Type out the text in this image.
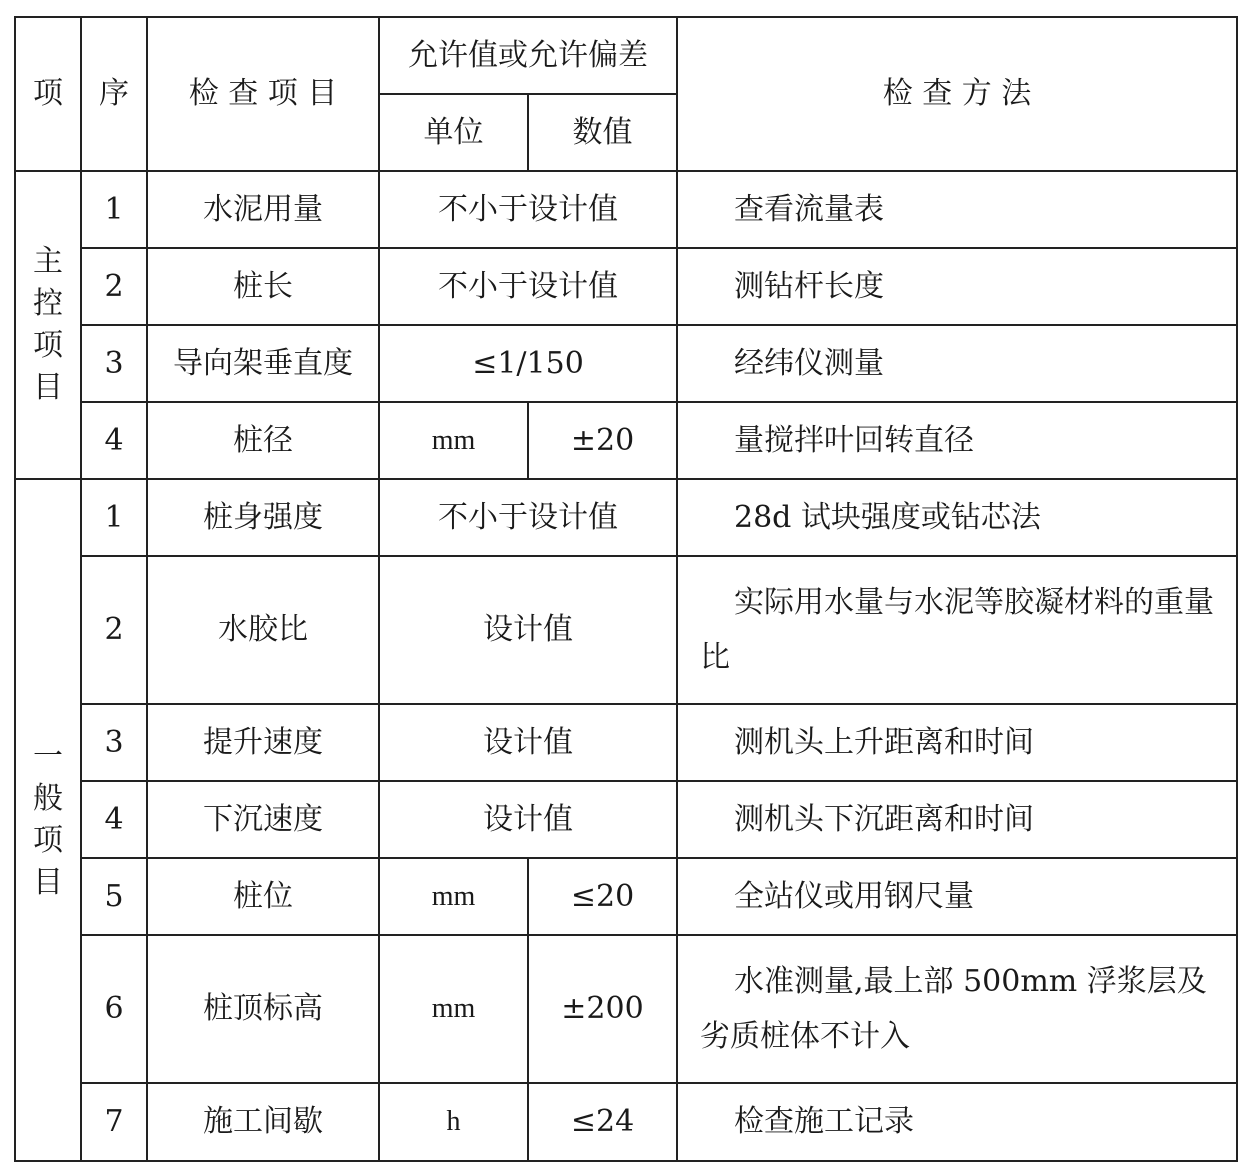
项	序	检 查 项 目	允许值或允许偏差		检 查 方 法
			单位	数值	

主
控
项
目	1	水泥用量	不小于设计值		查看流量表
	2	桩长	不小于设计值		测钻杆长度
	3	导向架垂直度	≤1/150		经纬仪测量
	4	桩径	mm	±20	量搅拌叶回转直径

一
般
项
目	1	桩身强度	不小于设计值		28d 试块强度或钻芯法
	2	水胶比	设计值		实际用水量与水泥等胶凝材料的重量比
	3	提升速度	设计值		测机头上升距离和时间
	4	下沉速度	设计值		测机头下沉距离和时间
	5	桩位	mm	≤20	全站仪或用钢尺量
	6	桩顶标高	mm	±200	水准测量,最上部 500mm 浮浆层及劣质桩体不计入
	7	施工间歇	h	≤24	检查施工记录
